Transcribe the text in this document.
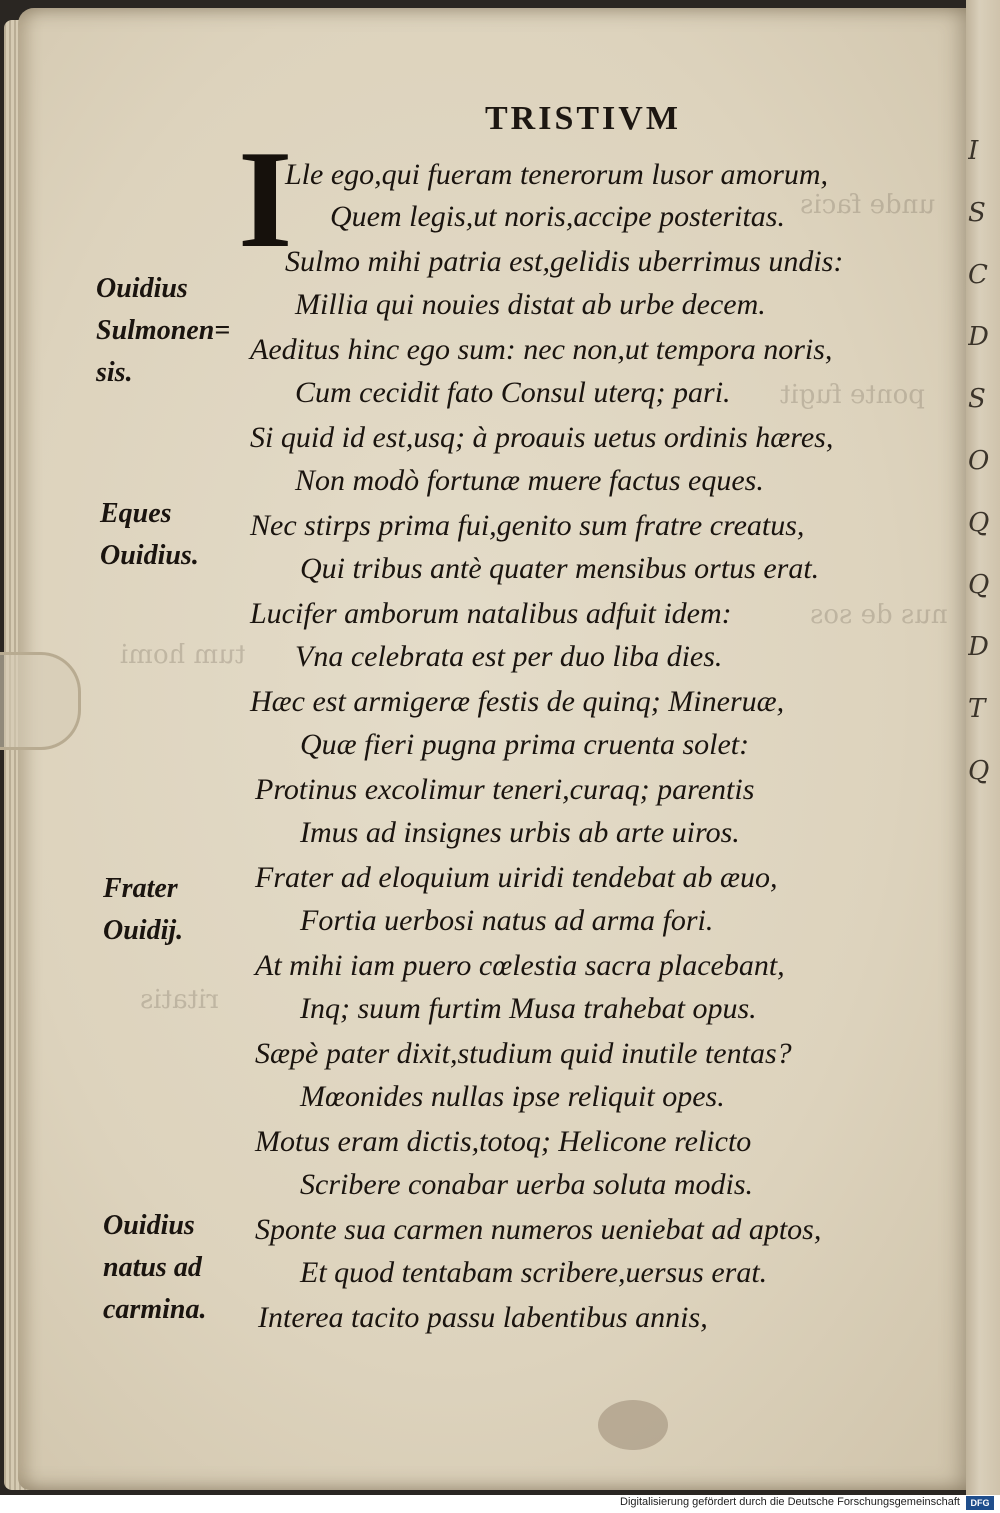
I
S
C
D
S
O
Q
Q
D
T
Q
unde facis
ponte fugit
nus de sos
tum homi
ritatis
TRISTIVM
I
Lle ego,qui fueram tenerorum lusor amorum,
Quem legis,ut noris,accipe posteritas.
Sulmo mihi patria est,gelidis uberrimus undis:
Millia qui nouies distat ab urbe decem.
Aeditus hinc ego sum: nec non,ut tempora noris,
Cum cecidit fato Consul uterq; pari.
Si quid id est,usq; à proauis uetus ordinis hæres,
Non modò fortunæ muere factus eques.
Nec stirps prima fui,genito sum fratre creatus,
Qui tribus antè quater mensibus ortus erat.
Lucifer amborum natalibus adfuit idem:
Vna celebrata est per duo liba dies.
Hæc est armigeræ festis de quinq; Mineruæ,
Quæ fieri pugna prima cruenta solet:
Protinus excolimur teneri,curaq; parentis
Imus ad insignes urbis ab arte uiros.
Frater ad eloquium uiridi tendebat ab æuo,
Fortia uerbosi natus ad arma fori.
At mihi iam puero cœlestia sacra placebant,
Inq; suum furtim Musa trahebat opus.
Sæpè pater dixit,studium quid inutile tentas?
Mœonides nullas ipse reliquit opes.
Motus eram dictis,totoq; Helicone relicto
Scribere conabar uerba soluta modis.
Sponte sua carmen numeros ueniebat ad aptos,
Et quod tentabam scribere,uersus erat.
Interea tacito passu labentibus annis,
Ouidius
Sulmonen=
sis.
Eques
Ouidius.
Frater
Ouidij.
Ouidius
natus ad
carmina.
Digitalisierung gefördert durch die Deutsche Forschungsgemeinschaft	DFG
